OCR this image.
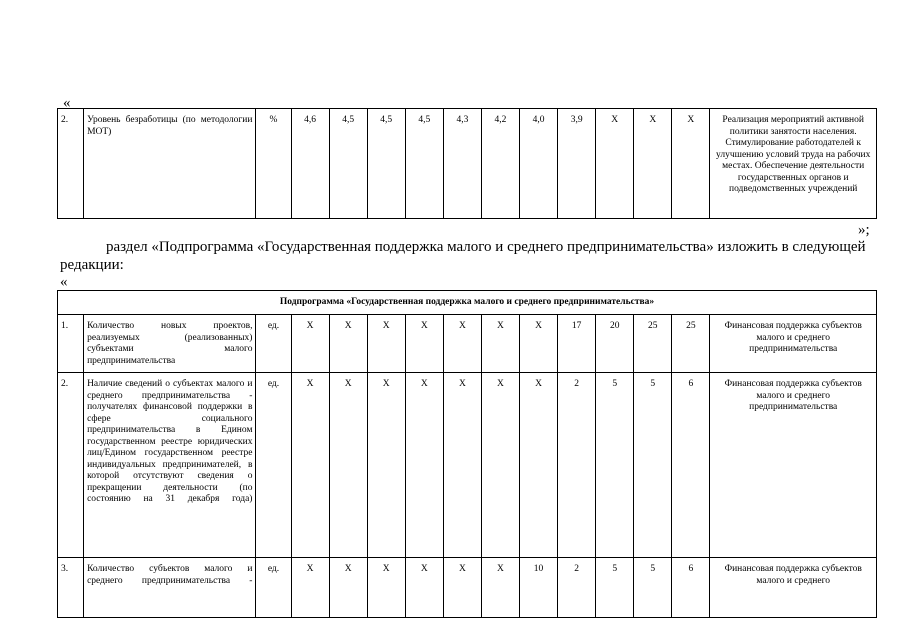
«
2.	Уровень безработицы (по методологии МОТ)	%	4,6	4,5	4,5	4,5	4,3	4,2	4,0	3,9	X	X	X	Реализация мероприятий активной политики занятости населения. Стимулирование работодателей к улучшению условий труда на рабочих местах. Обеспечение деятельности государственных органов и подведомственных учреждений
»;
раздел «Подпрограмма «Государственная поддержка малого и среднего предпринимательства» изложить в следующей
редакции:
«
Подпрограмма «Государственная поддержка малого и среднего предпринимательства»														
1.	Количество новых проектов, реализуемых (реализованных) субъектами малого предпринимательства	ед.	X	X	X	X	X	X	X	17	20	25	25	Финансовая поддержка субъектов малого и среднего предпринимательства
2.	Наличие сведений о субъектах малого и среднего предпринимательства - получателях финансовой поддержки в сфере социального предпринимательства в Едином государственном реестре юридических лиц/Едином государственном реестре индивидуальных предпринимателей, в которой отсутствуют сведения о прекращении деятельности (по состоянию на 31 декабря года)	ед.	X	X	X	X	X	X	X	2	5	5	6	Финансовая поддержка субъектов малого и среднего предпринимательства
3.	Количество субъектов малого и среднего предпринимательства -	ед.	X	X	X	X	X	X	10	2	5	5	6	Финансовая поддержка субъектов малого и среднего
